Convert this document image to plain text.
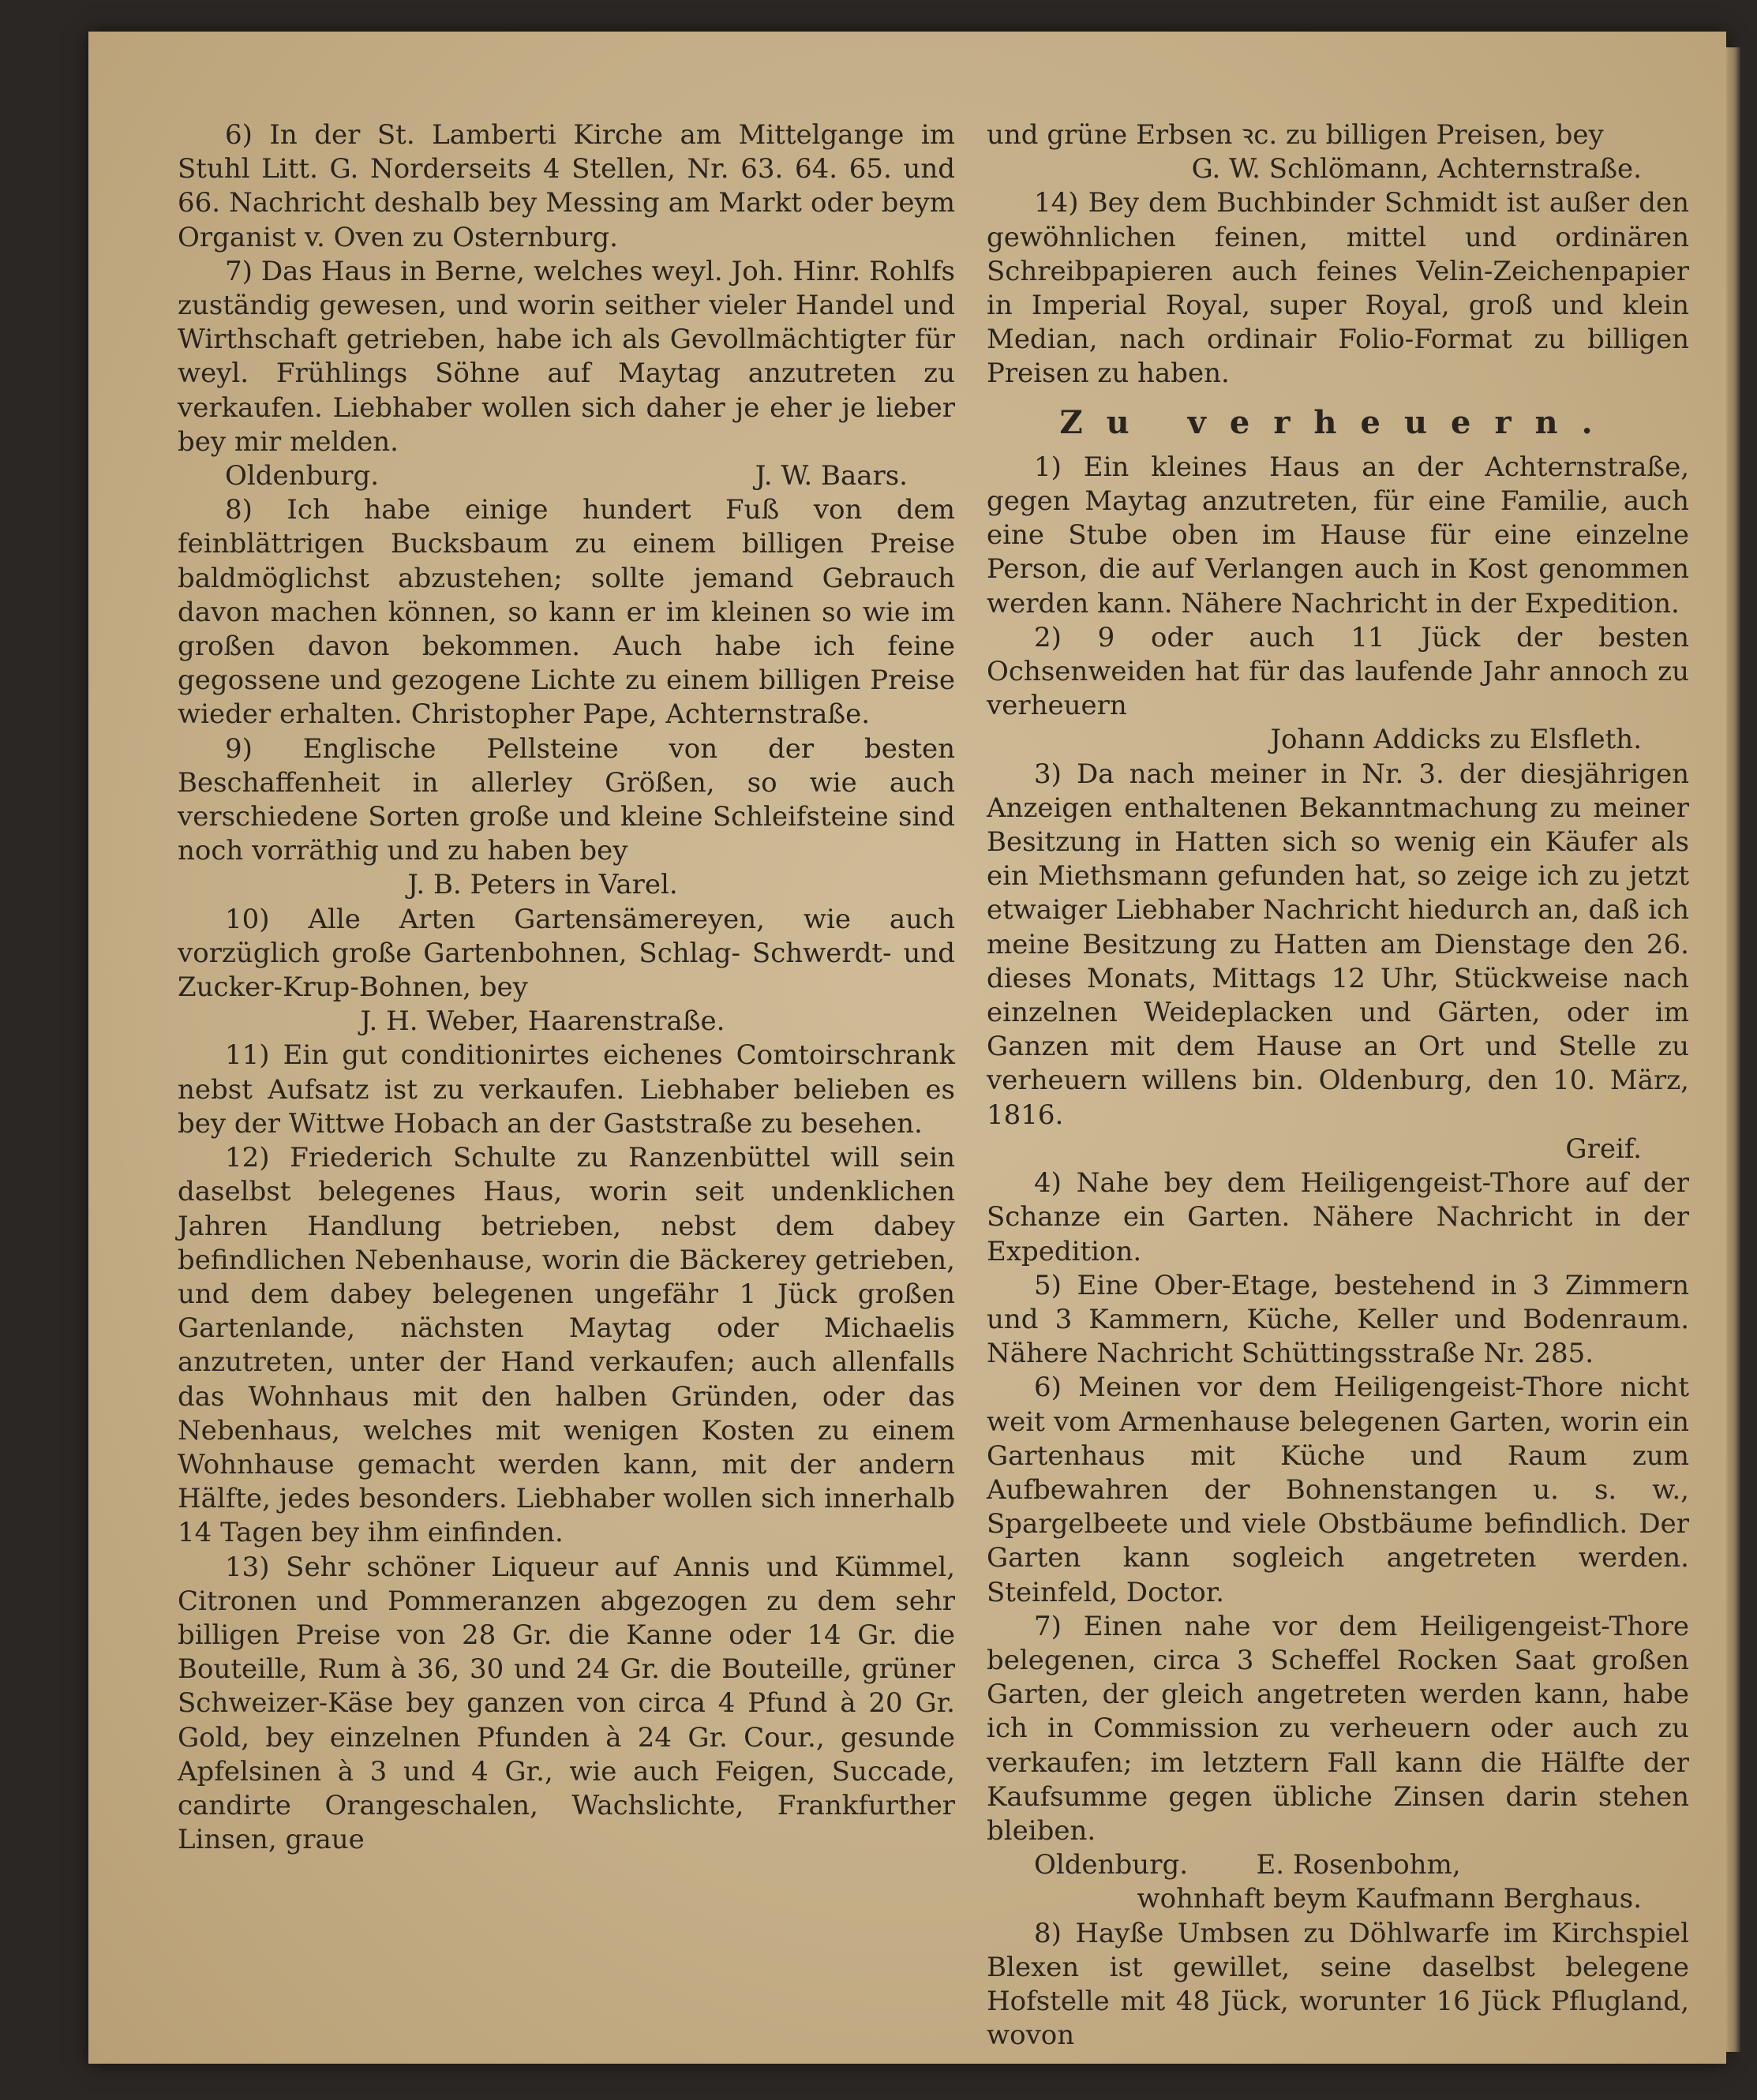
6) In der St. Lamberti Kirche am Mittelgange im Stuhl Litt. G. Norderseits 4 Stellen, Nr. 63. 64. 65. und 66. Nachricht deshalb bey Messing am Markt oder beym Organist v. Oven zu Osternburg.

7) Das Haus in Berne, welches weyl. Joh. Hinr. Rohlfs zuständig gewesen, und worin seither vieler Handel und Wirthschaft getrieben, habe ich als Gevollmächtigter für weyl. Frühlings Söhne auf Maytag anzutreten zu verkaufen. Liebhaber wollen sich daher je eher je lieber bey mir melden.

Oldenburg.	J. W. Baars.

8) Ich habe einige hundert Fuß von dem feinblättrigen Bucksbaum zu einem billigen Preise baldmöglichst abzustehen; sollte jemand Gebrauch davon machen können, so kann er im kleinen so wie im großen davon bekommen. Auch habe ich feine gegossene und gezogene Lichte zu einem billigen Preise wieder erhalten. Christopher Pape, Achternstraße.

9) Englische Pellsteine von der besten Beschaffenheit in allerley Größen, so wie auch verschiedene Sorten große und kleine Schleifsteine sind noch vorräthig und zu haben bey

J. B. Peters in Varel.

10) Alle Arten Gartensämereyen, wie auch vorzüglich große Gartenbohnen, Schlag- Schwerdt- und Zucker-Krup-Bohnen, bey

J. H. Weber, Haarenstraße.

11) Ein gut conditionirtes eichenes Comtoirschrank nebst Aufsatz ist zu verkaufen. Liebhaber belieben es bey der Wittwe Hobach an der Gaststraße zu besehen.

12) Friederich Schulte zu Ranzenbüttel will sein daselbst belegenes Haus, worin seit undenklichen Jahren Handlung betrieben, nebst dem dabey befindlichen Nebenhause, worin die Bäckerey getrieben, und dem dabey belegenen ungefähr 1 Jück großen Gartenlande, nächsten Maytag oder Michaelis anzutreten, unter der Hand verkaufen; auch allenfalls das Wohnhaus mit den halben Gründen, oder das Nebenhaus, welches mit wenigen Kosten zu einem Wohnhause gemacht werden kann, mit der andern Hälfte, jedes besonders. Liebhaber wollen sich innerhalb 14 Tagen bey ihm einfinden.

13) Sehr schöner Liqueur auf Annis und Kümmel, Citronen und Pommeranzen abgezogen zu dem sehr billigen Preise von 28 Gr. die Kanne oder 14 Gr. die Bouteille, Rum à 36, 30 und 24 Gr. die Bouteille, grüner Schweizer-Käse bey ganzen von circa 4 Pfund à 20 Gr. Gold, bey einzelnen Pfunden à 24 Gr. Cour., gesunde Apfelsinen à 3 und 4 Gr., wie auch Feigen, Succade, candirte Orangeschalen, Wachslichte, Frankfurther Linsen, graue

und grüne Erbsen ꝛc. zu billigen Preisen, bey

G. W. Schlömann, Achternstraße.

14) Bey dem Buchbinder Schmidt ist außer den gewöhnlichen feinen, mittel und ordinären Schreibpapieren auch feines Velin-Zeichenpapier in Imperial Royal, super Royal, groß und klein Median, nach ordinair Folio-Format zu billigen Preisen zu haben.

Zu verheuern.

1) Ein kleines Haus an der Achternstraße, gegen Maytag anzutreten, für eine Familie, auch eine Stube oben im Hause für eine einzelne Person, die auf Verlangen auch in Kost genommen werden kann. Nähere Nachricht in der Expedition.

2) 9 oder auch 11 Jück der besten Ochsenweiden hat für das laufende Jahr annoch zu verheuern

Johann Addicks zu Elsfleth.

3) Da nach meiner in Nr. 3. der diesjährigen Anzeigen enthaltenen Bekanntmachung zu meiner Besitzung in Hatten sich so wenig ein Käufer als ein Miethsmann gefunden hat, so zeige ich zu jetzt etwaiger Liebhaber Nachricht hiedurch an, daß ich meine Besitzung zu Hatten am Dienstage den 26. dieses Monats, Mittags 12 Uhr, Stückweise nach einzelnen Weideplacken und Gärten, oder im Ganzen mit dem Hause an Ort und Stelle zu verheuern willens bin. Oldenburg, den 10. März, 1816.

Greif.

4) Nahe bey dem Heiligengeist-Thore auf der Schanze ein Garten. Nähere Nachricht in der Expedition.

5) Eine Ober-Etage, bestehend in 3 Zimmern und 3 Kammern, Küche, Keller und Bodenraum. Nähere Nachricht Schüttingsstraße Nr. 285.

6) Meinen vor dem Heiligengeist-Thore nicht weit vom Armenhause belegenen Garten, worin ein Gartenhaus mit Küche und Raum zum Aufbewahren der Bohnenstangen u. s. w., Spargelbeete und viele Obstbäume befindlich. Der Garten kann sogleich angetreten werden. Steinfeld, Doctor.

7) Einen nahe vor dem Heiligengeist-Thore belegenen, circa 3 Scheffel Rocken Saat großen Garten, der gleich angetreten werden kann, habe ich in Commission zu verheuern oder auch zu verkaufen; im letztern Fall kann die Hälfte der Kaufsumme gegen übliche Zinsen darin stehen bleiben.

Oldenburg.        E. Rosenbohm,

wohnhaft beym Kaufmann Berghaus.

8) Hayße Umbsen zu Döhlwarfe im Kirchspiel Blexen ist gewillet, seine daselbst belegene Hofstelle mit 48 Jück, worunter 16 Jück Pflugland, wovon
